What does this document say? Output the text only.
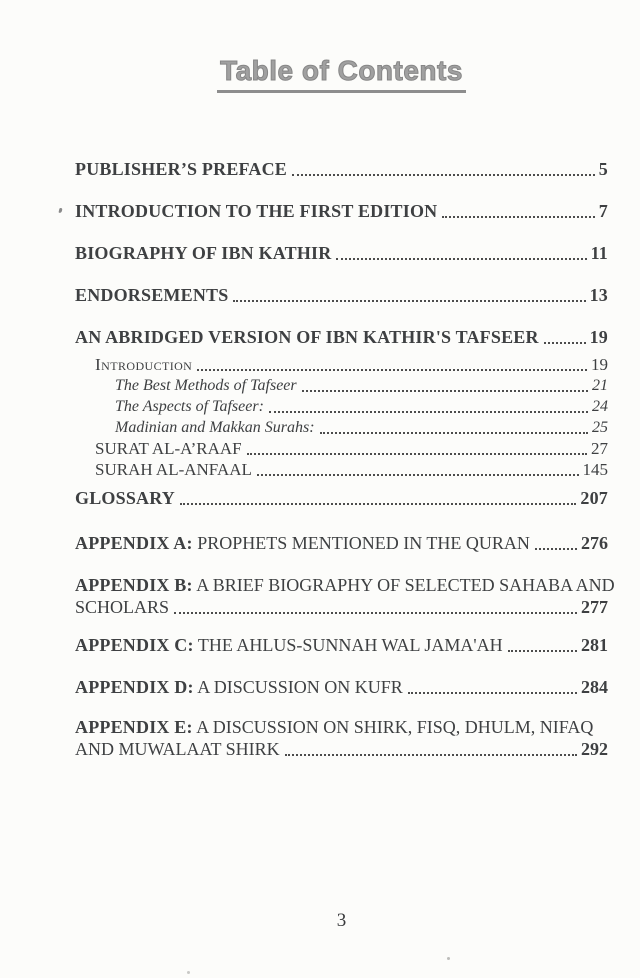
Table of Contents
PUBLISHER’S PREFACE	5
INTRODUCTION TO THE FIRST EDITION	7
BIOGRAPHY OF IBN KATHIR	11
ENDORSEMENTS	13
AN ABRIDGED VERSION OF IBN KATHIR'S TAFSEER	19
Introduction	19
The Best Methods of Tafseer	21
The Aspects of Tafseer:	24
Madinian and Makkan Surahs:	25
SURAT AL-A’RAAF	27
SURAH AL-ANFAAL	145
GLOSSARY	207
APPENDIX A: PROPHETS MENTIONED IN THE QURAN	276
APPENDIX B: A BRIEF BIOGRAPHY OF SELECTED SAHABA AND
SCHOLARS	277
APPENDIX C: THE AHLUS-SUNNAH WAL JAMA'AH	281
APPENDIX D: A DISCUSSION ON KUFR	284
APPENDIX E: A DISCUSSION ON SHIRK, FISQ, DHULM, NIFAQ
AND MUWALAAT SHIRK	292
3
